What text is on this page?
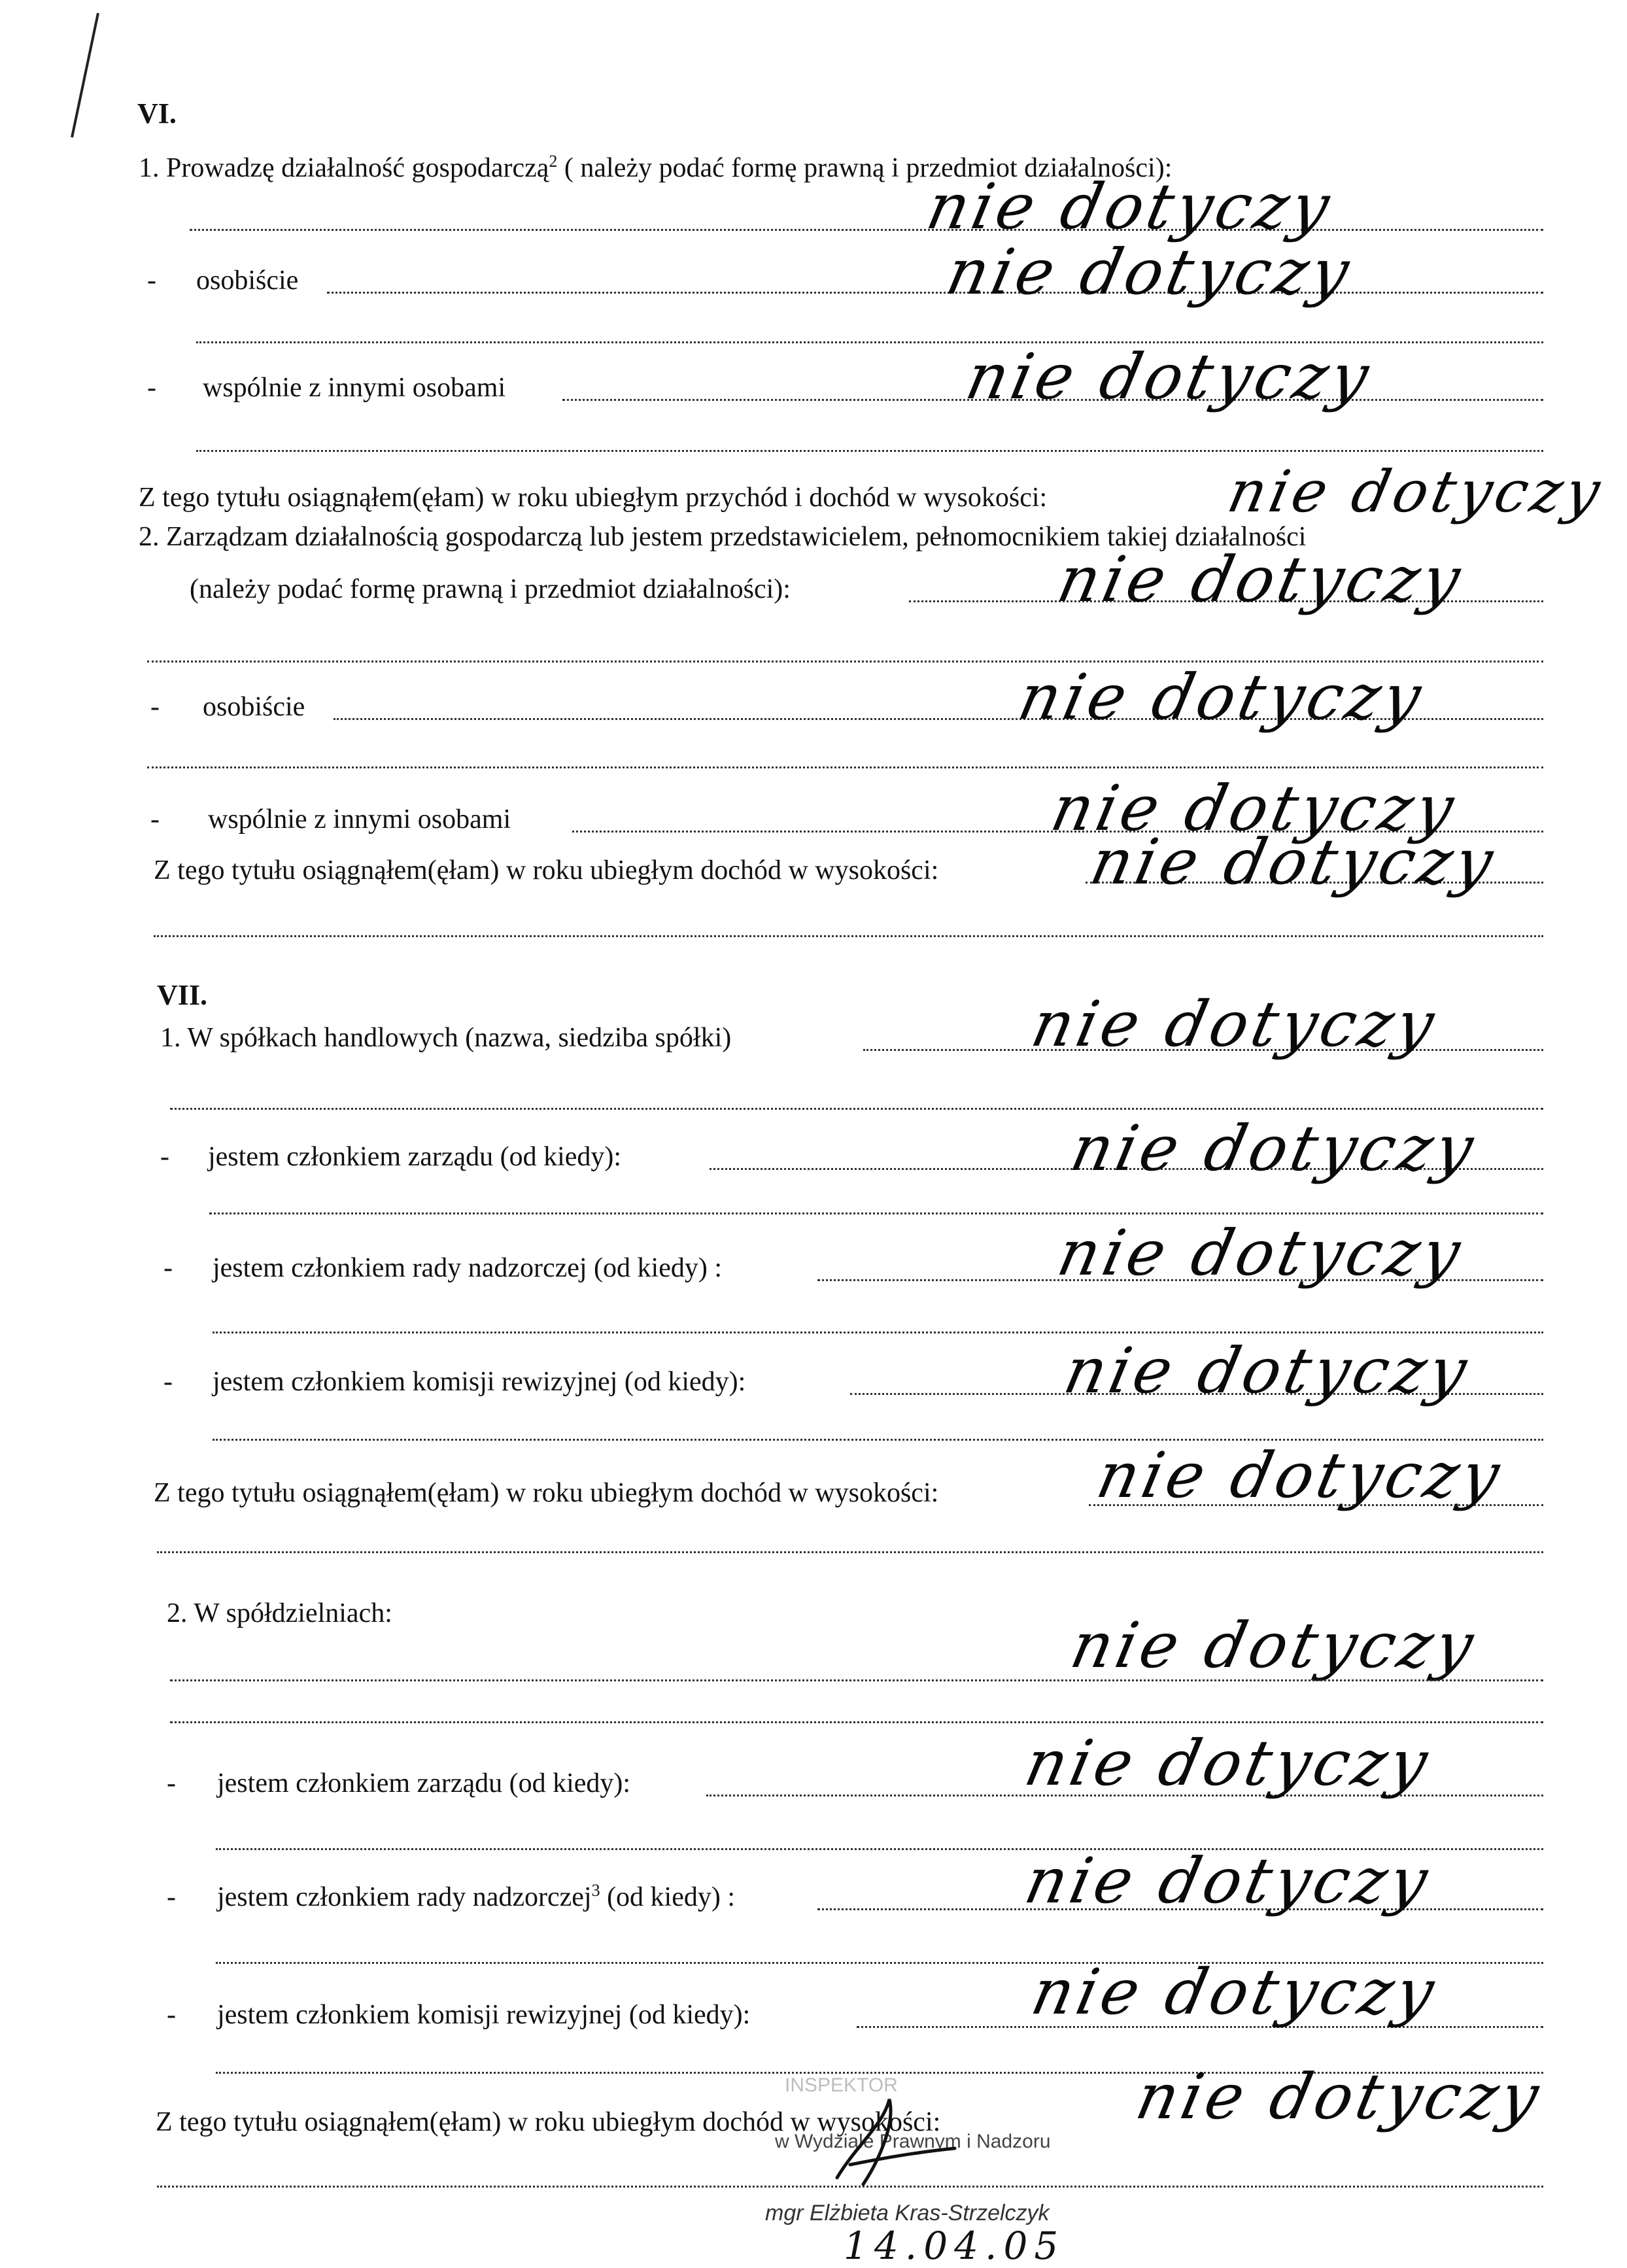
VI.
1. Prowadzę działalność gospodarczą$^2$ ( należy podać formę prawną i przedmiot działalności):
nie dotyczy
- osobiście	nie dotyczy
- wspólnie z innymi osobami	nie dotyczy
Z tego tytułu osiągnąłem(ęłam) w roku ubiegłym przychód i dochód w wysokości:	nie dotyczy
2. Zarządzam działalnością gospodarczą lub jestem przedstawicielem, pełnomocnikiem takiej działalności
(należy podać formę prawną i przedmiot działalności):	nie dotyczy
- osobiście	nie dotyczy
- wspólnie z innymi osobami	nie dotyczy
Z tego tytułu osiągnąłem(ęłam) w roku ubiegłym dochód w wysokości: nie dotyczy
VII.
1. W spółkach handlowych (nazwa, siedziba spółki)	nie dotyczy
- jestem członkiem zarządu (od kiedy):	nie dotyczy
- jestem członkiem rady nadzorczej (od kiedy) :	nie dotyczy
- jestem członkiem komisji rewizyjnej (od kiedy):	nie dotyczy
Z tego tytułu osiągnąłem(ęłam) w roku ubiegłym dochód w wysokości: nie dotyczy
2. W spółdzielniach:	nie dotyczy
- jestem członkiem zarządu (od kiedy):	nie dotyczy
- jestem członkiem rady nadzorczej$^3$ (od kiedy) :	nie dotyczy
- jestem członkiem komisji rewizyjnej (od kiedy):	nie dotyczy
Z tego tytułu osiągnąłem(ęłam) w roku ubiegłym dochód w wysokości:	nie dotyczy
INSPEKTOR
w Wydziale Prawnym i Nadzoru
mgr Elżbieta Kras-Strzelczyk
14.04.05
